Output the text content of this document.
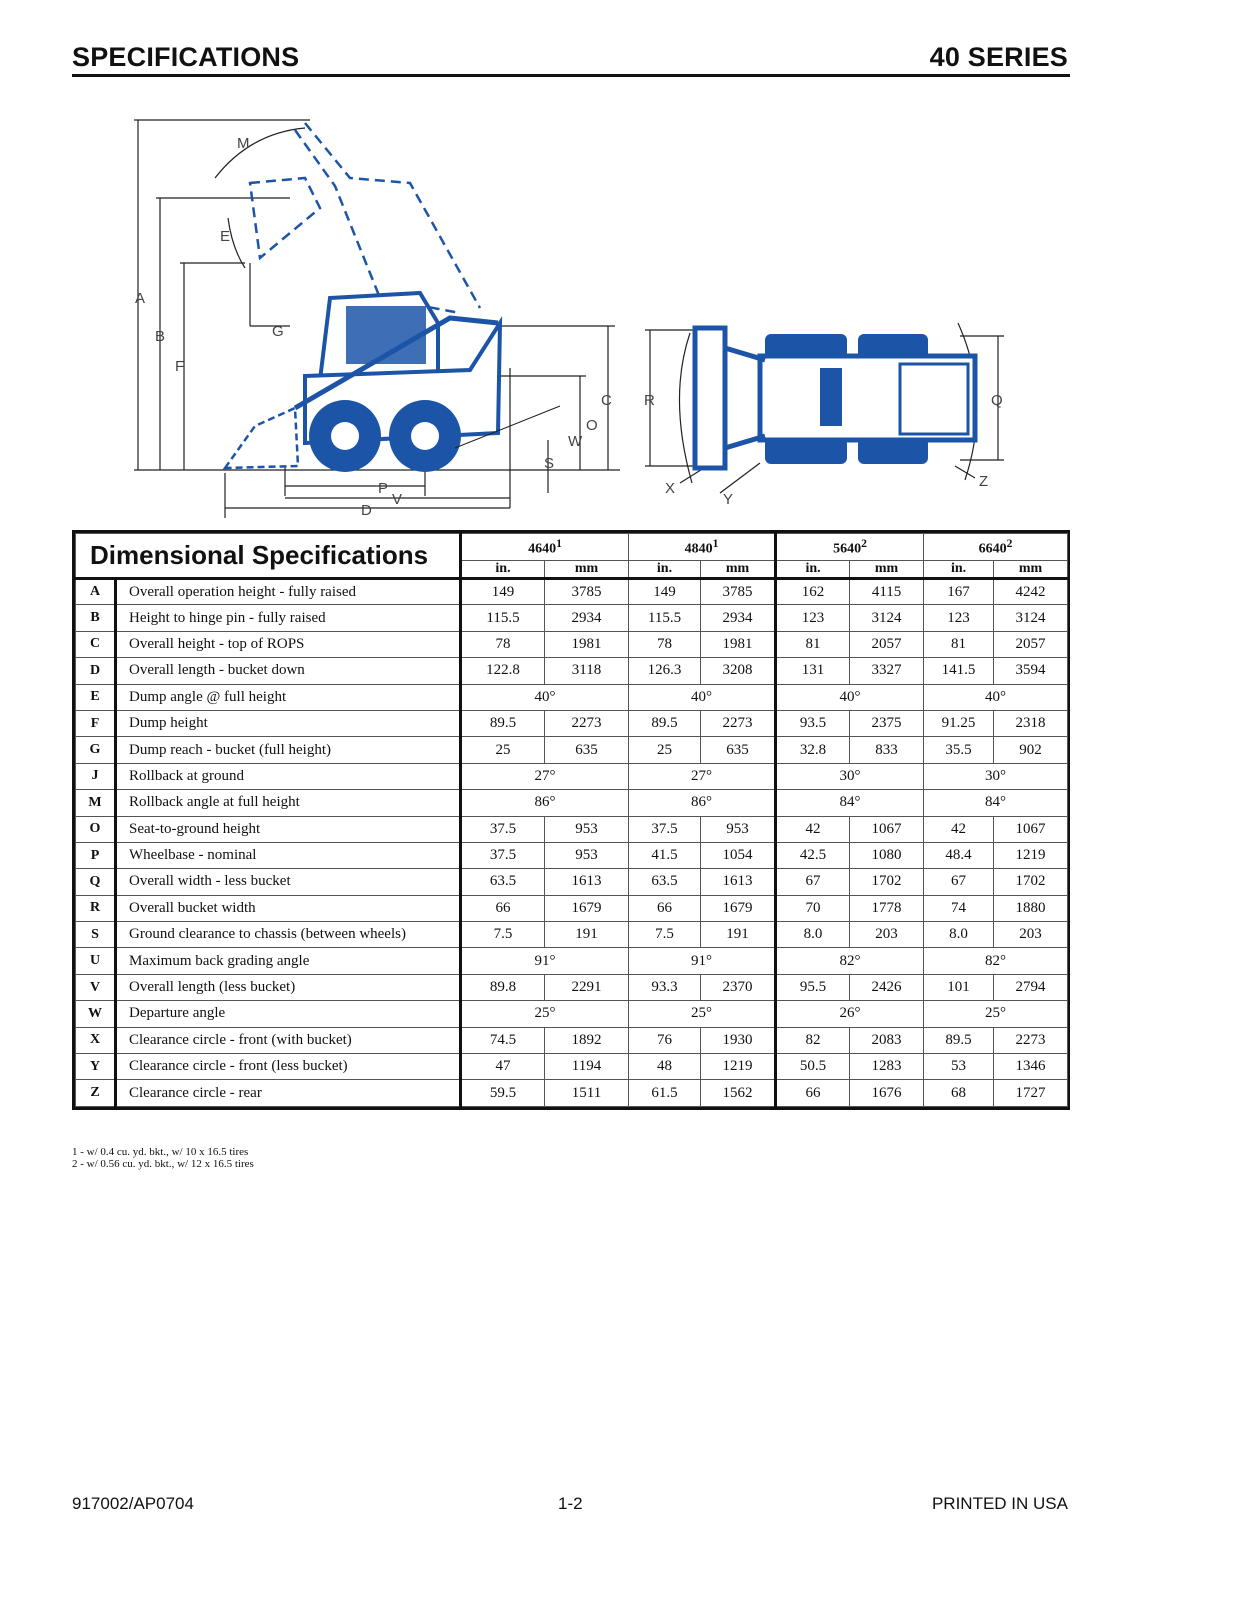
SPECIFICATIONS	40 SERIES
M
E
A
B	G
F
C
O
W
S
P
V
D
R	Q
X
Y
Z
Dimensional Specifications		4640$^1$		4840$^1$		5640$^2$		6640$^2$
		in.	mm	in.	mm	in.	mm	in.	mm
A	Overall operation height - fully raised	149	3785	149	3785	162	4115	167	4242
B	Height to hinge pin - fully raised	115.5	2934	115.5	2934	123	3124	123	3124
C	Overall height - top of ROPS	78	1981	78	1981	81	2057	81	2057
D	Overall length - bucket down	122.8	3118	126.3	3208	131	3327	141.5	3594
E	Dump angle @ full height	40°		40°		40°		40°	
F	Dump height	89.5	2273	89.5	2273	93.5	2375	91.25	2318
G	Dump reach - bucket (full height)	25	635	25	635	32.8	833	35.5	902
J	Rollback at ground	27°		27°		30°		30°	
M	Rollback angle at full height	86°		86°		84°		84°	
O	Seat-to-ground height	37.5	953	37.5	953	42	1067	42	1067
P	Wheelbase - nominal	37.5	953	41.5	1054	42.5	1080	48.4	1219
Q	Overall width - less bucket	63.5	1613	63.5	1613	67	1702	67	1702
R	Overall bucket width	66	1679	66	1679	70	1778	74	1880
S	Ground clearance to chassis (between wheels)	7.5	191	7.5	191	8.0	203	8.0	203
U	Maximum back grading angle	91°		91°		82°		82°	
V	Overall length (less bucket)	89.8	2291	93.3	2370	95.5	2426	101	2794
W	Departure angle	25°		25°		26°		25°	
X	Clearance circle - front (with bucket)	74.5	1892	76	1930	82	2083	89.5	2273
Y	Clearance circle - front (less bucket)	47	1194	48	1219	50.5	1283	53	1346
Z	Clearance circle - rear	59.5	1511	61.5	1562	66	1676	68	1727
1 - w/ 0.4 cu. yd. bkt., w/ 10 x 16.5 tires
2 - w/ 0.56 cu. yd. bkt., w/ 12 x 16.5 tires
917002/AP0704	1-2	PRINTED IN USA
